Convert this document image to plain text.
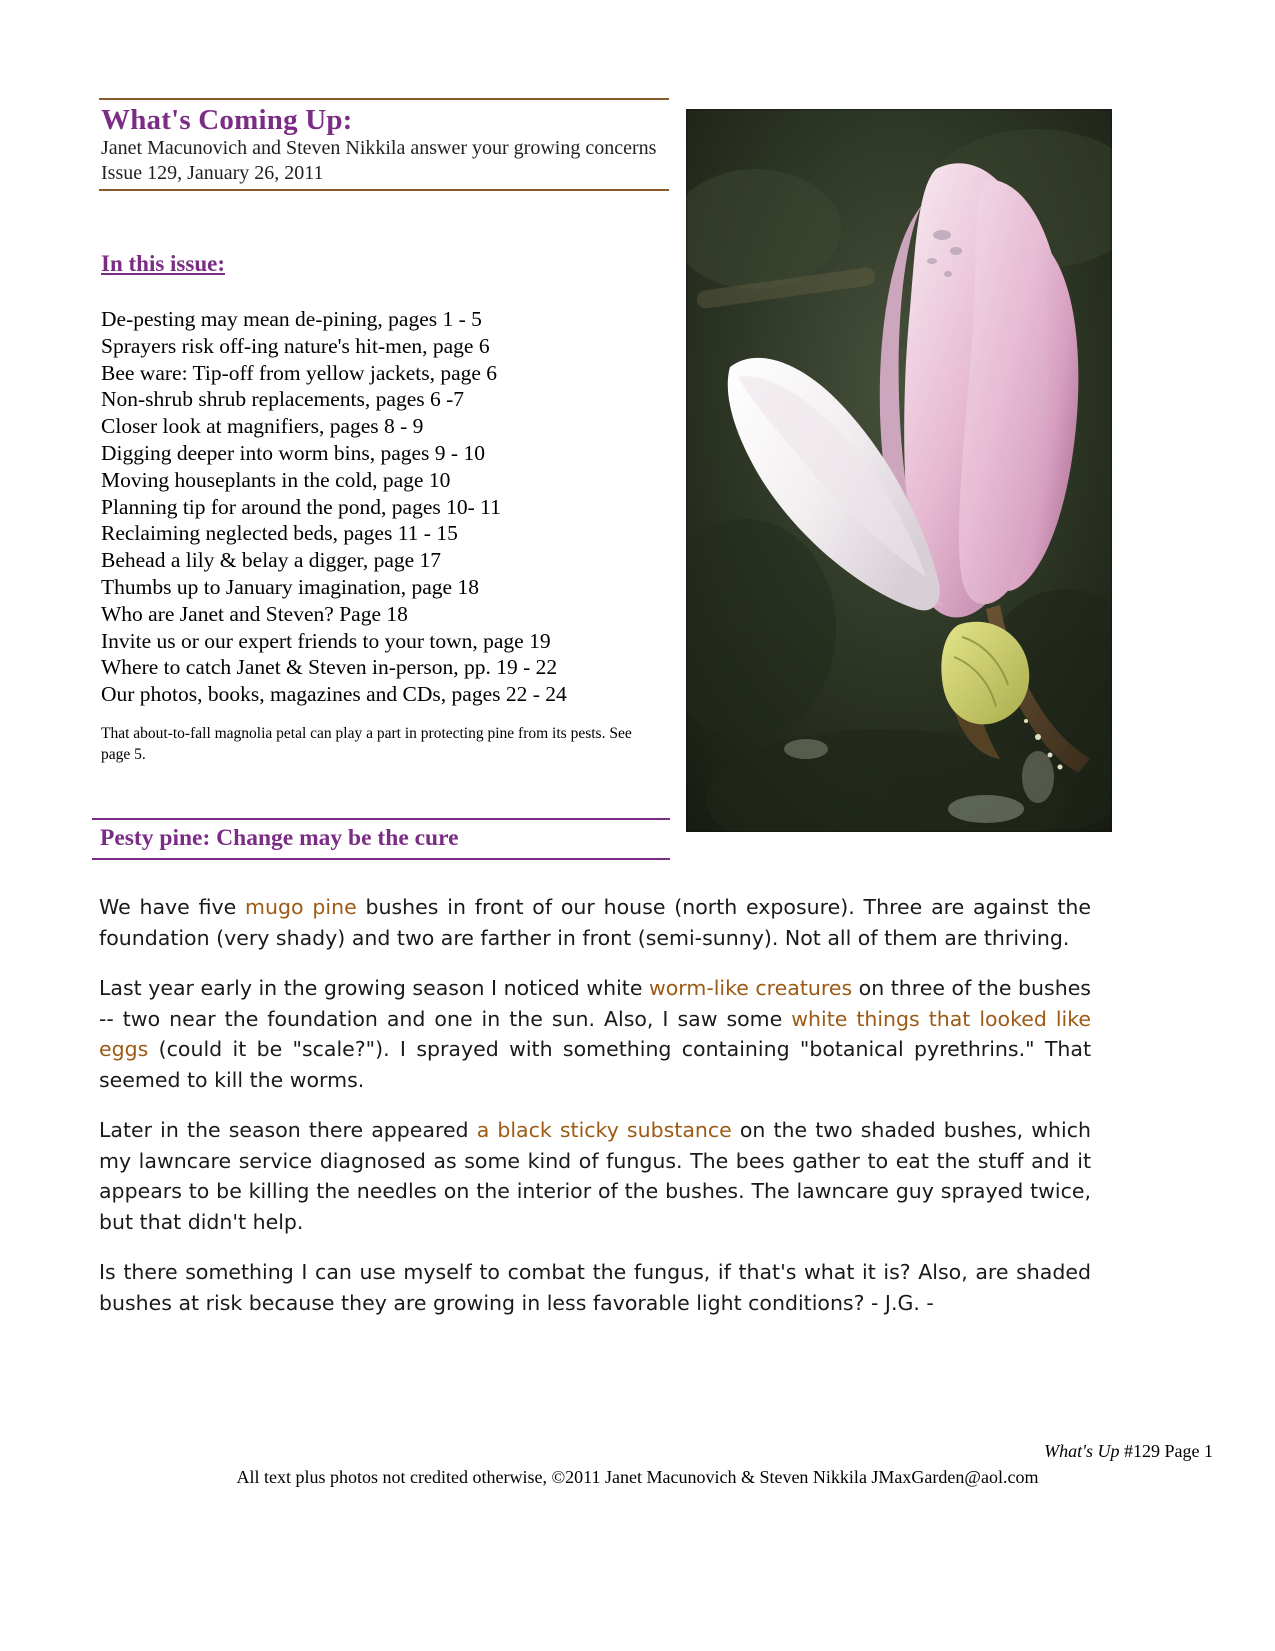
What's Coming Up:
Janet Macunovich and Steven Nikkila answer your growing concerns
Issue 129, January 26, 2011
In this issue:
De-pesting may mean de-pining, pages 1 - 5
Sprayers risk off-ing nature's hit-men, page 6
Bee ware: Tip-off from yellow jackets, page 6
Non-shrub shrub replacements, pages 6 -7
Closer look at magnifiers, pages 8 - 9
Digging deeper into worm bins, pages 9 - 10
Moving houseplants in the cold, page 10
Planning tip for around the pond, pages 10- 11
Reclaiming neglected beds, pages 11 - 15
Behead a lily & belay a digger, page 17
Thumbs up to January imagination, page 18
Who are Janet and Steven? Page 18
Invite us or our expert friends to your town, page 19
Where to catch Janet & Steven in-person, pp. 19 - 22
Our photos, books, magazines and CDs, pages 22 - 24
That about-to-fall magnolia petal can play a part in protecting pine from its pests. See page 5.
Pesty pine: Change may be the cure

We have five mugo pine bushes in front of our house (north exposure). Three are against the foundation (very shady) and two are farther in front (semi-sunny). Not all of them are thriving.

Last year early in the growing season I noticed white worm-like creatures on three of the bushes -- two near the foundation and one in the sun. Also, I saw some white things that looked like eggs (could it be "scale?"). I sprayed with something containing "botanical pyrethrins." That seemed to kill the worms.

Later in the season there appeared a black sticky substance on the two shaded bushes, which my lawncare service diagnosed as some kind of fungus. The bees gather to eat the stuff and it appears to be killing the needles on the interior of the bushes. The lawncare guy sprayed twice, but that didn't help.

Is there something I can use myself to combat the fungus, if that's what it is? Also, are shaded bushes at risk because they are growing in less favorable light conditions? - J.G. -

What's Up #129 Page 1
All text plus photos not credited otherwise, ©2011 Janet Macunovich & Steven Nikkila JMaxGarden@aol.com
